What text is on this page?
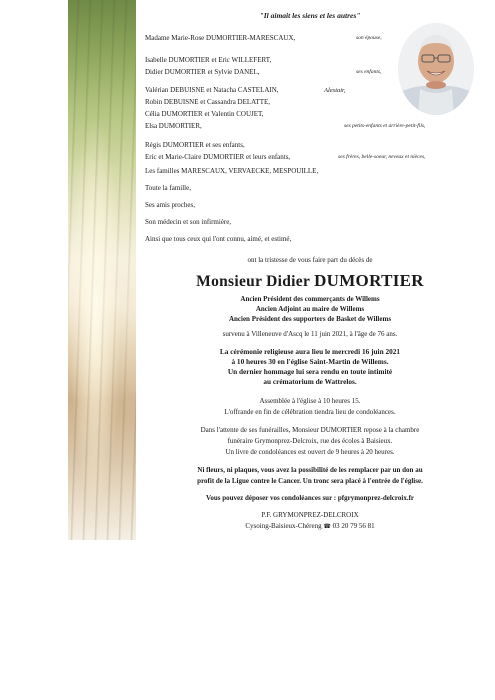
"Il aimait les siens et les autres"
Madame Marie-Rose DUMORTIER-MARESCAUX,	son épouse,
Isabelle DUMORTIER et Eric WILLEFERT,
Didier DUMORTIER et Sylvie DANEL,	ses enfants,
Valérian DEBUISNE et Natacha CASTELAIN,	Alestair,
Robin DEBUISNE et Cassandra DELATTE,
Célia DUMORTIER et Valentin COUJET,
Elsa DUMORTIER,	ses petits-enfants et arrière-petit-fils,
Régis DUMORTIER et ses enfants,
Eric et Marie-Claire DUMORTIER et leurs enfants,	ses frères, belle-soeur, neveux et nièces,
Les familles MARESCAUX, VERVAECKE, MESPOUILLE,
Toute la famille,
Ses amis proches,
Son médecin et son infirmière,
Ainsi que tous ceux qui l'ont connu, aimé, et estimé,
ont la tristesse de vous faire part du décès de
Monsieur Didier DUMORTIER
Ancien Président des commerçants de Willems
Ancien Adjoint au maire de Willems
Ancien Président des supporters de Basket de Willems
survenu à Villeneuve d'Ascq le 11 juin 2021, à l'âge de 76 ans.
La cérémonie religieuse aura lieu le mercredi 16 juin 2021
à 10 heures 30 en l'église Saint-Martin de Willems.
Un dernier hommage lui sera rendu en toute intimité
au crématorium de Wattrelos.
Assemblée à l'église à 10 heures 15.
L'offrande en fin de célébration tiendra lieu de condoléances.
Dans l'attente de ses funérailles, Monsieur DUMORTIER repose à la chambre
funéraire Grymonprez-Delcroix, rue des écoles à Baisieux.
Un livre de condoléances est ouvert de 9 heures à 20 heures.
Ni fleurs, ni plaques, vous avez la possibilité de les remplacer par un don au
profit de la Ligue contre le Cancer. Un tronc sera placé à l'entrée de l'église.
Vous pouvez déposer vos condoléances sur : pfgrymonprez-delcroix.fr
P.F. GRYMONPREZ-DELCROIX
Cysoing-Baisieux-Chéreng ☎ 03 20 79 56 81
